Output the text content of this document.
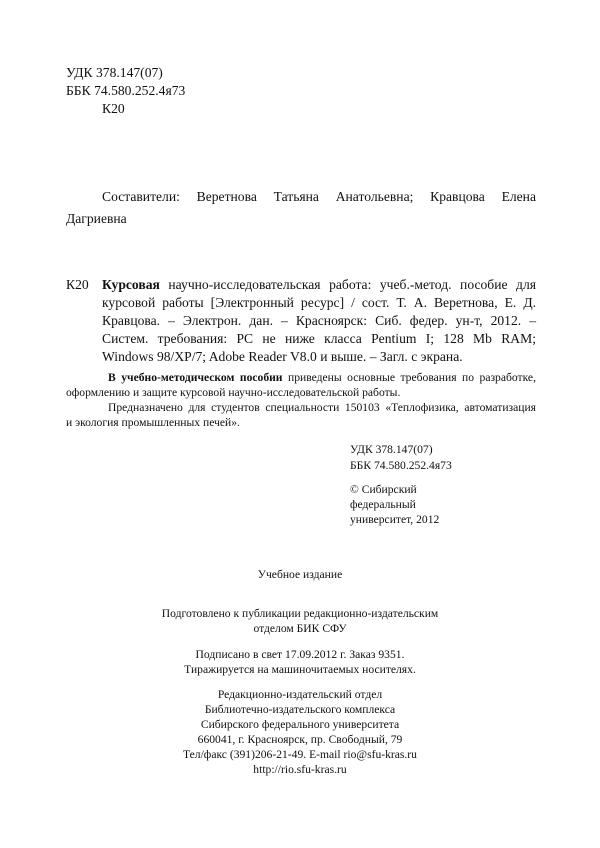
УДК 378.147(07)
ББК 74.580.252.4я73
К20
Составители: Веретнова Татьяна Анатольевна; Кравцова Елена
Дагриевна
К20 Курсовая научно-исследовательская работа: учеб.-метод. пособие для
курсовой работы [Электронный ресурс] / сост. Т. А. Веретнова, Е. Д.
Кравцова. – Электрон. дан. – Красноярск: Сиб. федер. ун-т, 2012. –
Систем. требования: PC не ниже класса Pentium I; 128 Mb RAM;
Windows 98/XP/7; Adobe Reader V8.0 и выше. – Загл. с экрана.
В учебно-методическом пособии приведены основные требования по разработке,
оформлению и защите курсовой научно-исследовательской работы.
Предназначено для студентов специальности 150103 «Теплофизика, автоматизация
и экология промышленных печей».
УДК 378.147(07)
ББК 74.580.252.4я73
© Сибирский
федеральный
университет, 2012
Учебное издание
Подготовлено к публикации редакционно-издательским
отделом БИК СФУ
Подписано в свет 17.09.2012 г. Заказ 9351.
Тиражируется на машиночитаемых носителях.
Редакционно-издательский отдел
Библиотечно-издательского комплекса
Сибирского федерального университета
660041, г. Красноярск, пр. Свободный, 79
Тел/факс (391)206-21-49. E-mail rio@sfu-kras.ru
http://rio.sfu-kras.ru
